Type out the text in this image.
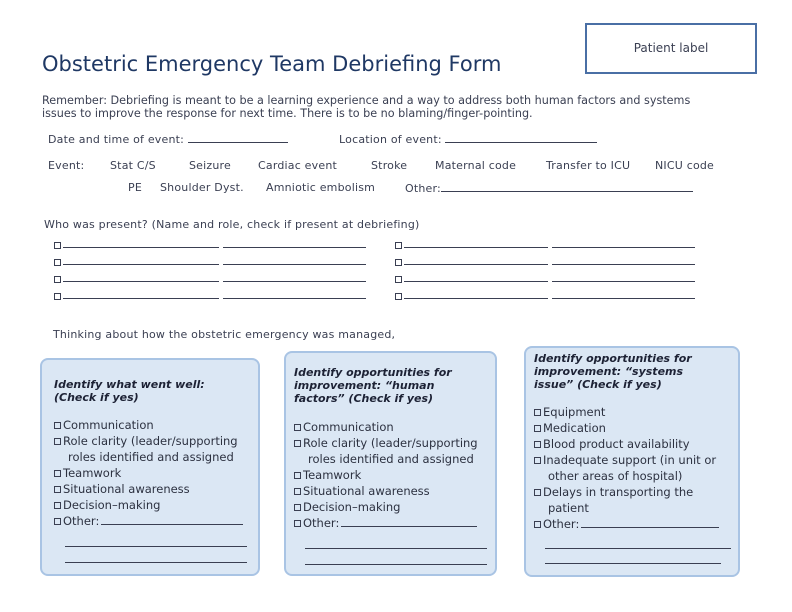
Obstetric Emergency Team Debriefing Form
Patient label
Remember: Debriefing is meant to be a learning experience and a way to address both human factors and systems issues to improve the response for next time. There is to be no blaming/finger-pointing.
Date and time of event:	Location of event:
Event: Stat C/S	Seizure Cardiac event	Stroke	Maternal code	Transfer to ICU NICU code
PE Shoulder Dyst. Amniotic embolism	Other:
Who was present? (Name and role, check if present at debriefing)

Thinking about how the obstetric emergency was managed,
Identify what went well: (Check if yes)
Communication
Role clarity (leader/supporting
roles identified and assigned
Teamwork
Situational awareness
Decision–making
Other:
Identify opportunities for improvement: “human factors” (Check if yes)
Communication
Role clarity (leader/supporting
roles identified and assigned
Teamwork
Situational awareness
Decision–making
Other:
Identify opportunities for improvement: “systems issue” (Check if yes)
Equipment
Medication
Blood product availability
Inadequate support (in unit or
other areas of hospital)
Delays in transporting the
patient
Other:
